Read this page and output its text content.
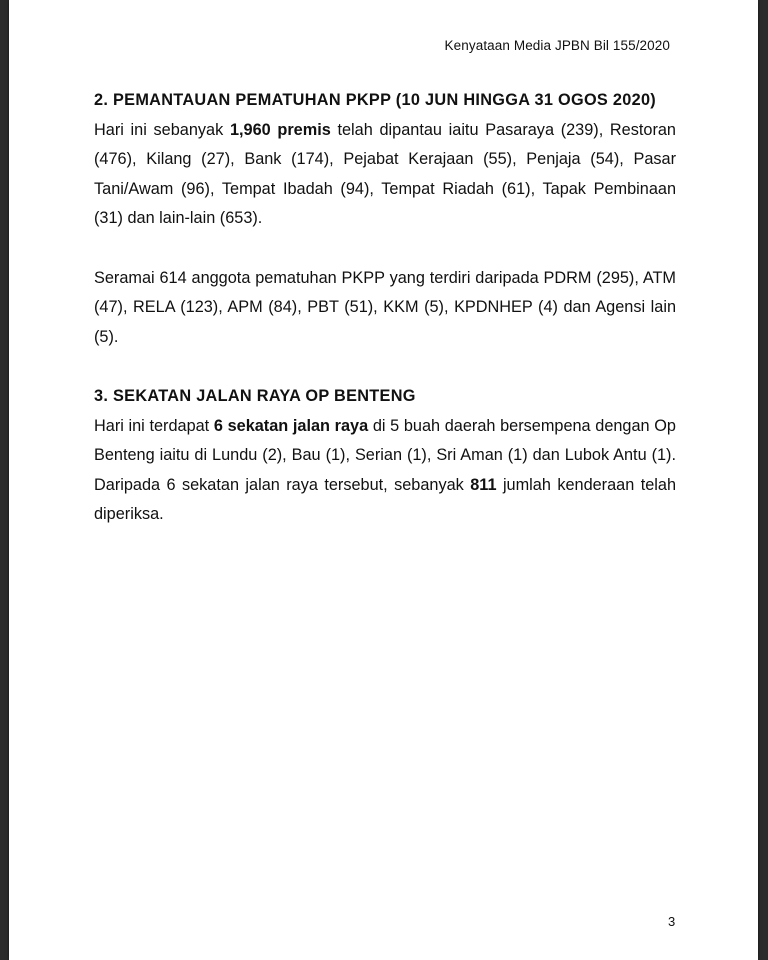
Kenyataan Media JPBN Bil 155/2020
2. PEMANTAUAN PEMATUHAN PKPP (10 JUN HINGGA 31 OGOS 2020)
Hari ini sebanyak 1,960 premis telah dipantau iaitu Pasaraya (239), Restoran (476), Kilang (27), Bank (174), Pejabat Kerajaan (55), Penjaja (54), Pasar Tani/Awam (96), Tempat Ibadah (94), Tempat Riadah (61), Tapak Pembinaan (31) dan lain-lain (653).
Seramai 614 anggota pematuhan PKPP yang terdiri daripada PDRM (295), ATM (47), RELA (123), APM (84), PBT (51), KKM (5), KPDNHEP (4) dan Agensi lain (5).
3. SEKATAN JALAN RAYA OP BENTENG
Hari ini terdapat 6 sekatan jalan raya di 5 buah daerah bersempena dengan Op Benteng iaitu di Lundu (2), Bau (1), Serian (1), Sri Aman (1) dan Lubok Antu (1). Daripada 6 sekatan jalan raya tersebut, sebanyak 811 jumlah kenderaan telah diperiksa.
3
